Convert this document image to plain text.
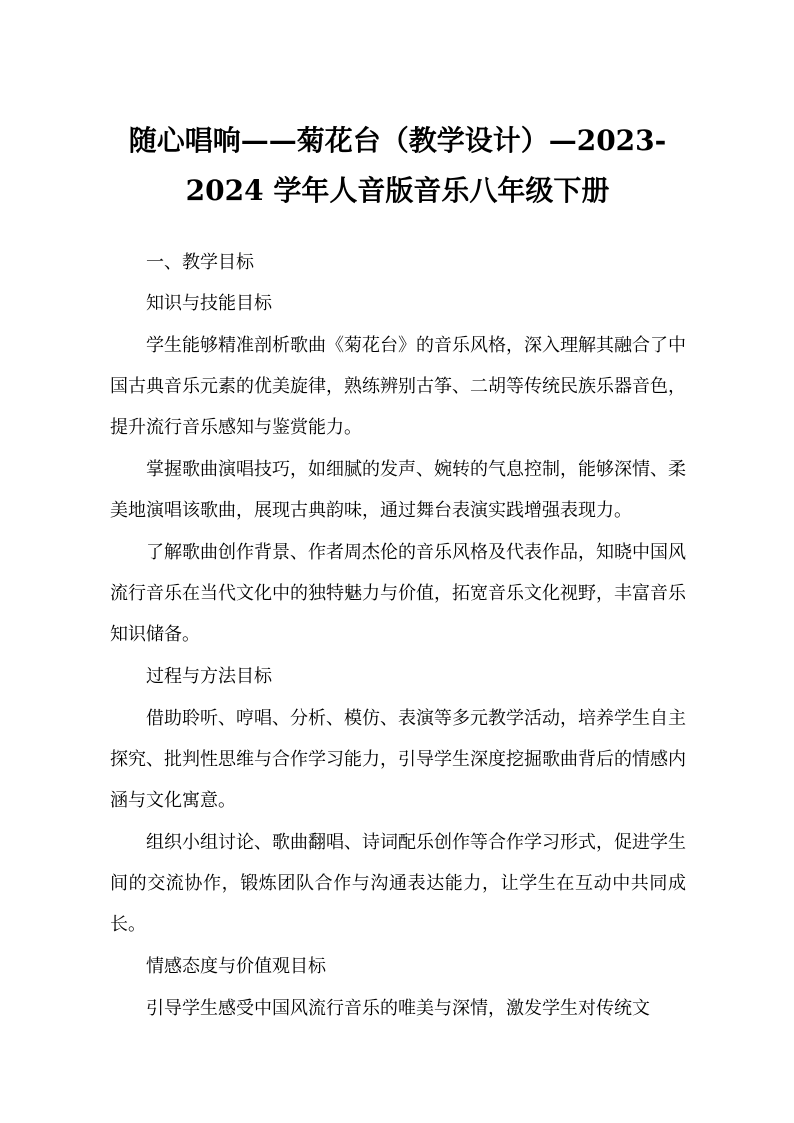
随心唱响——菊花台（教学设计）—2023-
2024 学年人音版音乐八年级下册

一、教学目标

知识与技能目标

学生能够精准剖析歌曲《菊花台》的音乐风格，深入理解其融合了中国古典音乐元素的优美旋律，熟练辨别古筝、二胡等传统民族乐器音色，提升流行音乐感知与鉴赏能力。

掌握歌曲演唱技巧，如细腻的发声、婉转的气息控制，能够深情、柔美地演唱该歌曲，展现古典韵味，通过舞台表演实践增强表现力。

了解歌曲创作背景、作者周杰伦的音乐风格及代表作品，知晓中国风流行音乐在当代文化中的独特魅力与价值，拓宽音乐文化视野，丰富音乐知识储备。

过程与方法目标

借助聆听、哼唱、分析、模仿、表演等多元教学活动，培养学生自主探究、批判性思维与合作学习能力，引导学生深度挖掘歌曲背后的情感内涵与文化寓意。

组织小组讨论、歌曲翻唱、诗词配乐创作等合作学习形式，促进学生间的交流协作，锻炼团队合作与沟通表达能力，让学生在互动中共同成长。

情感态度与价值观目标

引导学生感受中国风流行音乐的唯美与深情，激发学生对传统文
